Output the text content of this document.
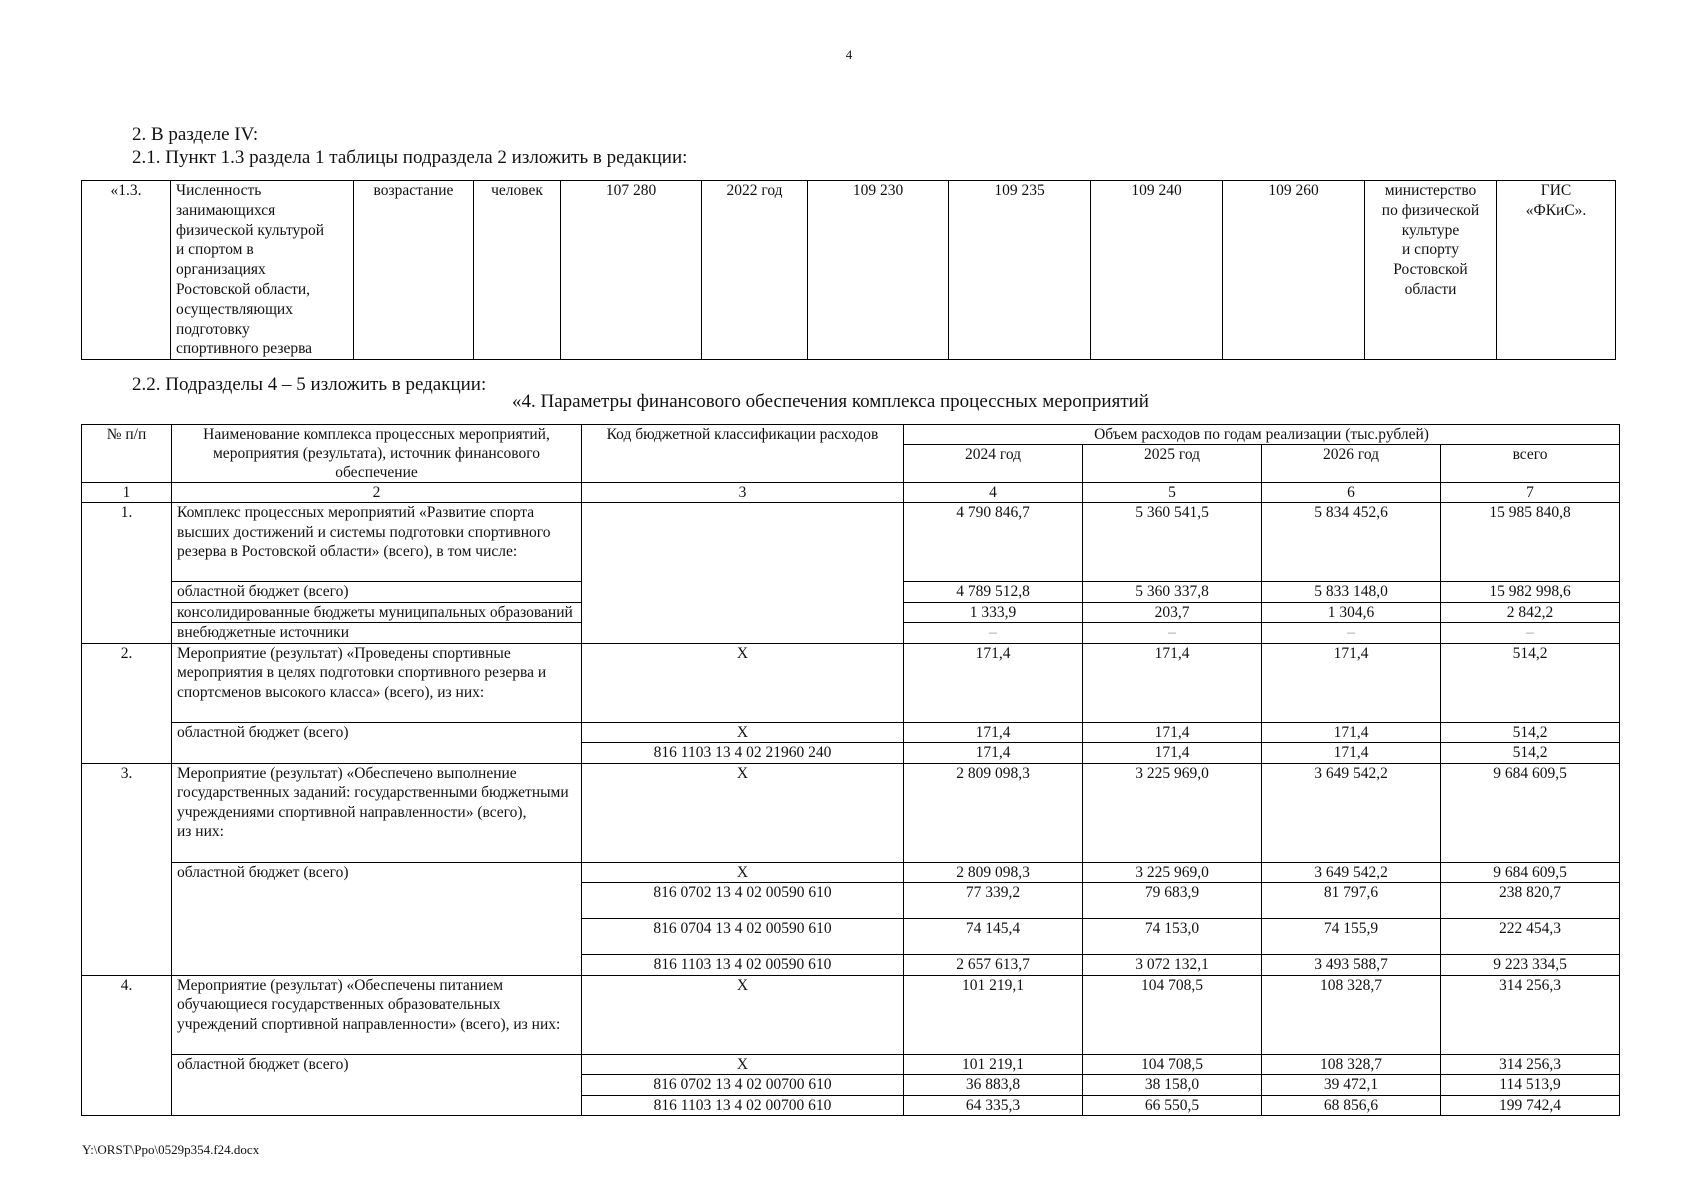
4
2. В разделе IV:
2.1. Пункт 1.3 раздела 1 таблицы подраздела 2 изложить в редакции:
«1.3.	Численность
занимающихся
физической культурой
и спортом в
организациях
Ростовской области,
осуществляющих
подготовку
спортивного резерва	возрастание	человек	107 280	2022 год	109 230	109 235	109 240	109 260	министерство
по физической
культуре
и спорту
Ростовской
области	ГИС
«ФКиС».
2.2. Подразделы 4 – 5 изложить в редакции:
«4. Параметры финансового обеспечения комплекса процессных мероприятий
№ п/п	Наименование комплекса процессных мероприятий, мероприятия (результата), источник финансового обеспечение	Код бюджетной классификации расходов	Объем расходов по годам реализации (тыс.рублей)			
			2024 год	2025 год	2026 год	всего
1	2	3	4	5	6	7
1.	Комплекс процессных мероприятий «Развитие спорта высших достижений и системы подготовки спортивного резерва в Ростовской области» (всего), в том числе:		4 790 846,7	5 360 541,5	5 834 452,6	15 985 840,8
	областной бюджет (всего)		4 789 512,8	5 360 337,8	5 833 148,0	15 982 998,6
	консолидированные бюджеты муниципальных образований		1 333,9	203,7	1 304,6	2 842,2
	внебюджетные источники		–	–	–	–
2.	Мероприятие (результат) «Проведены спортивные мероприятия в целях подготовки спортивного резерва и спортсменов высокого класса» (всего), из них:	Х	171,4	171,4	171,4	514,2
	областной бюджет (всего)	Х	171,4	171,4	171,4	514,2
		816 1103 13 4 02 21960 240	171,4	171,4	171,4	514,2
3.	Мероприятие (результат) «Обеспечено выполнение государственных заданий: государственными бюджетными учреждениями спортивной направленности» (всего),
из них:	Х	2 809 098,3	3 225 969,0	3 649 542,2	9 684 609,5
	областной бюджет (всего)	Х	2 809 098,3	3 225 969,0	3 649 542,2	9 684 609,5
		816 0702 13 4 02 00590 610	77 339,2	79 683,9	81 797,6	238 820,7
		816 0704 13 4 02 00590 610	74 145,4	74 153,0	74 155,9	222 454,3
		816 1103 13 4 02 00590 610	2 657 613,7	3 072 132,1	3 493 588,7	9 223 334,5
4.	Мероприятие (результат) «Обеспечены питанием обучающиеся государственных образовательных учреждений спортивной направленности» (всего), из них:	Х	101 219,1	104 708,5	108 328,7	314 256,3
	областной бюджет (всего)	Х	101 219,1	104 708,5	108 328,7	314 256,3
		816 0702 13 4 02 00700 610	36 883,8	38 158,0	39 472,1	114 513,9
		816 1103 13 4 02 00700 610	64 335,3	66 550,5	68 856,6	199 742,4
Y:\ORST\Ppo\0529p354.f24.docx
